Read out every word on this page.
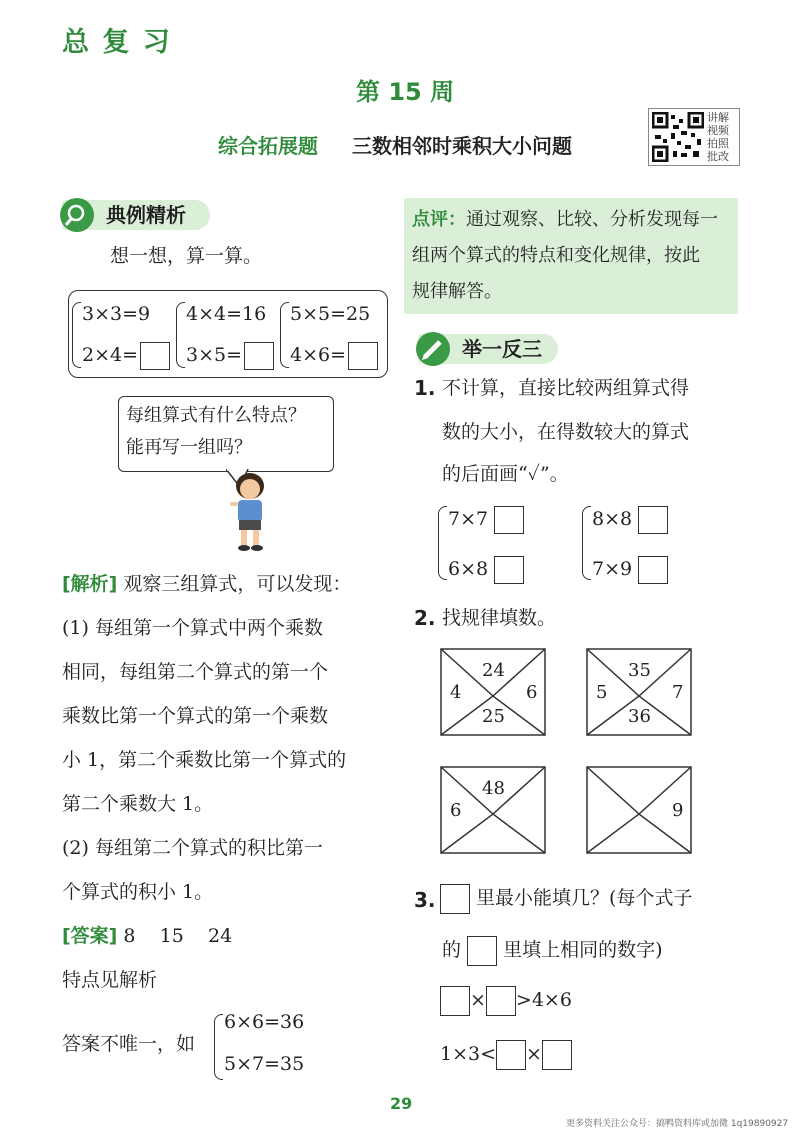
总 复 习
第 15 周
综合拓展题 三数相邻时乘积大小问题
讲解视频 拍照批改
典例精析
想一想，算一算。
3×3=9
2×4=
4×4=16
3×5=
5×5=25
4×6=
每组算式有什么特点？
能再写一组吗？
[解析] 观察三组算式，可以发现：
(1) 每组第一个算式中两个乘数
相同，每组第二个算式的第一个
乘数比第一个算式的第一个乘数
小 1，第二个乘数比第一个算式的
第二个乘数大 1。
(2) 每组第二个算式的积比第一
个算式的积小 1。
[答案] 8    15    24
特点见解析
答案不唯一，如
6×6=36
5×7=35
点评：通过观察、比较、分析发现每一
组两个算式的特点和变化规律，按此
规律解答。
举一反三
1. 不计算，直接比较两组算式得
数的大小，在得数较大的算式
的后面画“✓”。
7×7
6×8
8×8
7×9
2. 找规律填数。
24
4	6
25
35
5	7
36
48
6	9
3.	里最小能填几？(每个式子
的 里填上相同的数字)
× >4×6
1×3< ×
29
更多资料关注公众号：搞鸭资料库或加微 1q19890927
